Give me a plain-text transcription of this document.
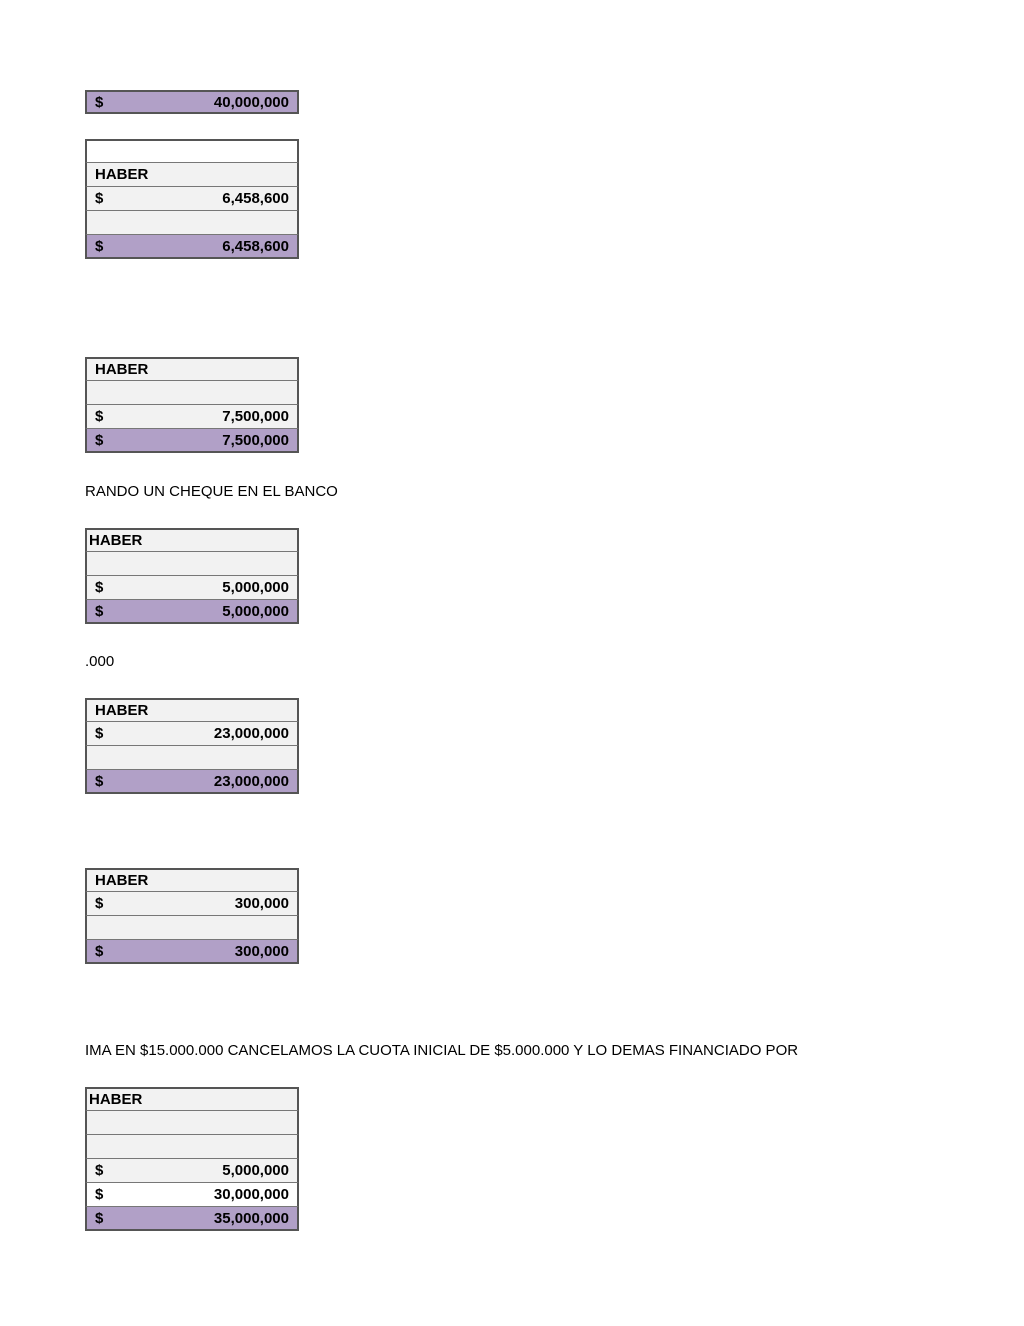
$	40,000,000
HABER
$	6,458,600
$	6,458,600
HABER
$	7,500,000
$	7,500,000
RANDO UN CHEQUE EN EL BANCO
HABER
$	5,000,000
$	5,000,000
.000
HABER
$	23,000,000
$	23,000,000
HABER
$	300,000
$	300,000
IMA EN $15.000.000 CANCELAMOS LA CUOTA INICIAL DE $5.000.000 Y LO DEMAS FINANCIADO POR
HABER
$	5,000,000
$	30,000,000
$	35,000,000
